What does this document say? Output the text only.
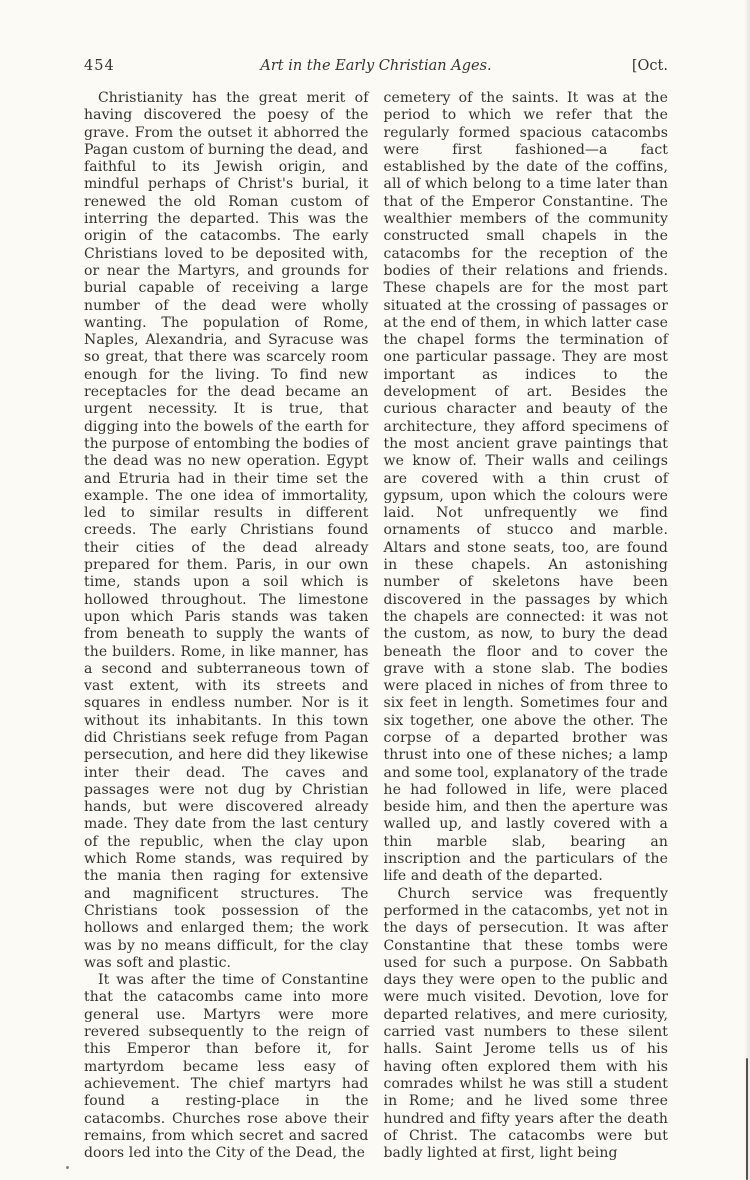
454	Art in the Early Christian Ages.	[Oct.

Christianity has the great merit of having discovered the poesy of the grave. From the outset it abhorred the Pagan custom of burning the dead, and faithful to its Jewish origin, and mindful perhaps of Christ's burial, it renewed the old Roman custom of interring the departed. This was the origin of the catacombs. The early Christians loved to be deposited with, or near the Martyrs, and grounds for burial capable of receiving a large number of the dead were wholly wanting. The population of Rome, Naples, Alexandria, and Syracuse was so great, that there was scarcely room enough for the living. To find new receptacles for the dead became an urgent necessity. It is true, that digging into the bowels of the earth for the purpose of entombing the bodies of the dead was no new operation. Egypt and Etruria had in their time set the example. The one idea of immortality, led to similar results in different creeds. The early Christians found their cities of the dead already prepared for them. Paris, in our own time, stands upon a soil which is hollowed throughout. The limestone upon which Paris stands was taken from beneath to supply the wants of the builders. Rome, in like manner, has a second and subterraneous town of vast extent, with its streets and squares in endless number. Nor is it without its inhabitants. In this town did Christians seek refuge from Pagan persecution, and here did they likewise inter their dead. The caves and passages were not dug by Christian hands, but were discovered already made. They date from the last century of the republic, when the clay upon which Rome stands, was required by the mania then raging for extensive and magnificent structures. The Christians took possession of the hollows and enlarged them; the work was by no means difficult, for the clay was soft and plastic.

It was after the time of Constantine that the catacombs came into more general use. Martyrs were more revered subsequently to the reign of this Emperor than before it, for martyrdom became less easy of achievement. The chief martyrs had found a resting-place in the catacombs. Churches rose above their remains, from which secret and sacred doors led into the City of the Dead, the

cemetery of the saints. It was at the period to which we refer that the regularly formed spacious catacombs were first fashioned—a fact established by the date of the coffins, all of which belong to a time later than that of the Emperor Constantine. The wealthier members of the community constructed small chapels in the catacombs for the reception of the bodies of their relations and friends. These chapels are for the most part situated at the crossing of passages or at the end of them, in which latter case the chapel forms the termination of one particular passage. They are most important as indices to the development of art. Besides the curious character and beauty of the architecture, they afford specimens of the most ancient grave paintings that we know of. Their walls and ceilings are covered with a thin crust of gypsum, upon which the colours were laid. Not unfrequently we find ornaments of stucco and marble. Altars and stone seats, too, are found in these chapels. An astonishing number of skeletons have been discovered in the passages by which the chapels are connected: it was not the custom, as now, to bury the dead beneath the floor and to cover the grave with a stone slab. The bodies were placed in niches of from three to six feet in length. Sometimes four and six together, one above the other. The corpse of a departed brother was thrust into one of these niches; a lamp and some tool, explanatory of the trade he had followed in life, were placed beside him, and then the aperture was walled up, and lastly covered with a thin marble slab, bearing an inscription and the particulars of the life and death of the departed.

Church service was frequently performed in the catacombs, yet not in the days of persecution. It was after Constantine that these tombs were used for such a purpose. On Sabbath days they were open to the public and were much visited. Devotion, love for departed relatives, and mere curiosity, carried vast numbers to these silent halls. Saint Jerome tells us of his having often explored them with his comrades whilst he was still a student in Rome; and he lived some three hundred and fifty years after the death of Christ. The catacombs were but badly lighted at first, light being
